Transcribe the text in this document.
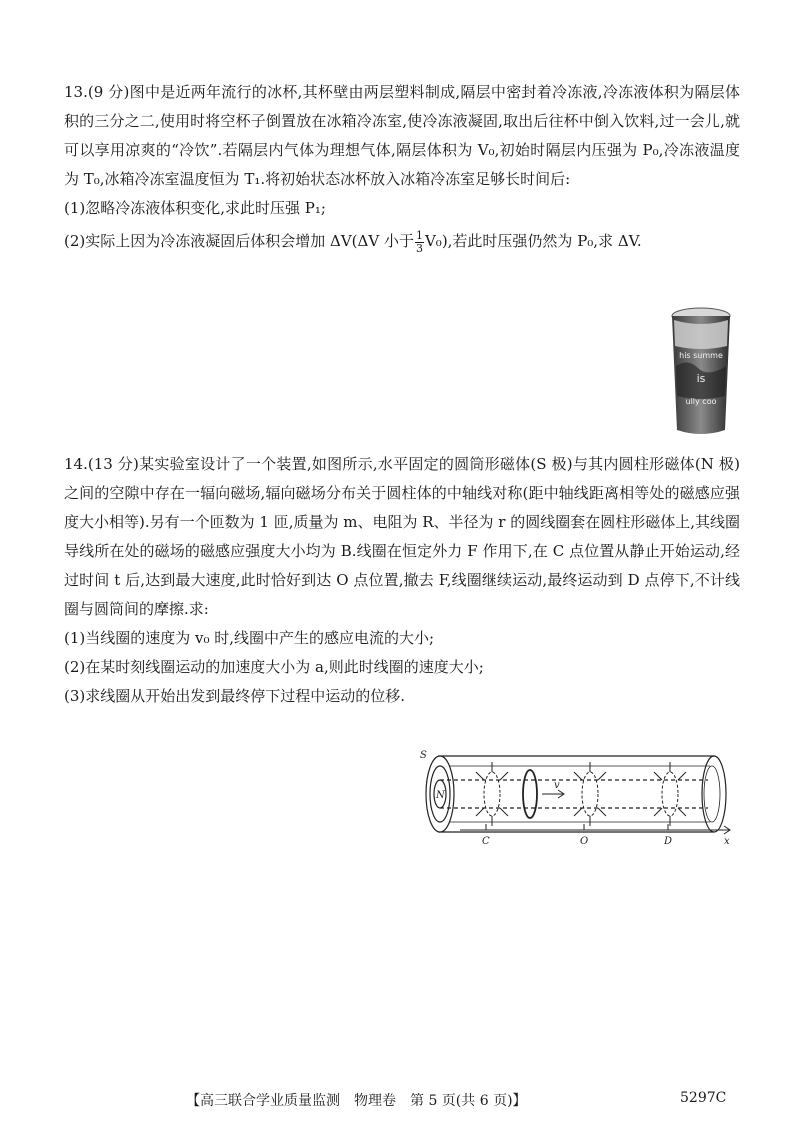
13.(9 分)图中是近两年流行的冰杯,其杯壁由两层塑料制成,隔层中密封着冷冻液,冷冻液体积为隔层体积的三分之二,使用时将空杯子倒置放在冰箱冷冻室,使冷冻液凝固,取出后往杯中倒入饮料,过一会儿,就可以享用凉爽的“冷饮”.若隔层内气体为理想气体,隔层体积为 V₀,初始时隔层内压强为 P₀,冷冻液温度为 T₀,冰箱冷冻室温度恒为 T₁.将初始状态冰杯放入冰箱冷冻室足够长时间后:

(1)忽略冷冻液体积变化,求此时压强 P₁;

(2)实际上因为冷冻液凝固后体积会增加 ΔV(ΔV 小于 $\frac{1}{3} V_0$),若此时压强仍然为 P₀,求 ΔV.

his summe
is
ully coo

14.(13 分)某实验室设计了一个装置,如图所示,水平固定的圆筒形磁体(S 极)与其内圆柱形磁体(N 极)之间的空隙中存在一辐向磁场,辐向磁场分布关于圆柱体的中轴线对称(距中轴线距离相等处的磁感应强度大小相等).另有一个匝数为 1 匝,质量为 m、电阻为 R、半径为 r 的圆线圈套在圆柱形磁体上,其线圈导线所在处的磁场的磁感应强度大小均为 B.线圈在恒定外力 F 作用下,在 C 点位置从静止开始运动,经过时间 t 后,达到最大速度,此时恰好到达 O 点位置,撤去 F,线圈继续运动,最终运动到 D 点停下,不计线圈与圆筒间的摩擦.求:

(1)当线圈的速度为 v₀ 时,线圈中产生的感应电流的大小;

(2)在某时刻线圈运动的加速度大小为 a,则此时线圈的速度大小;

(3)求线圈从开始出发到最终停下过程中运动的位移.

S
N
v
C	O	D	x
【高三联合学业质量监测　物理卷　第 5 页(共 6 页)】	5297C
